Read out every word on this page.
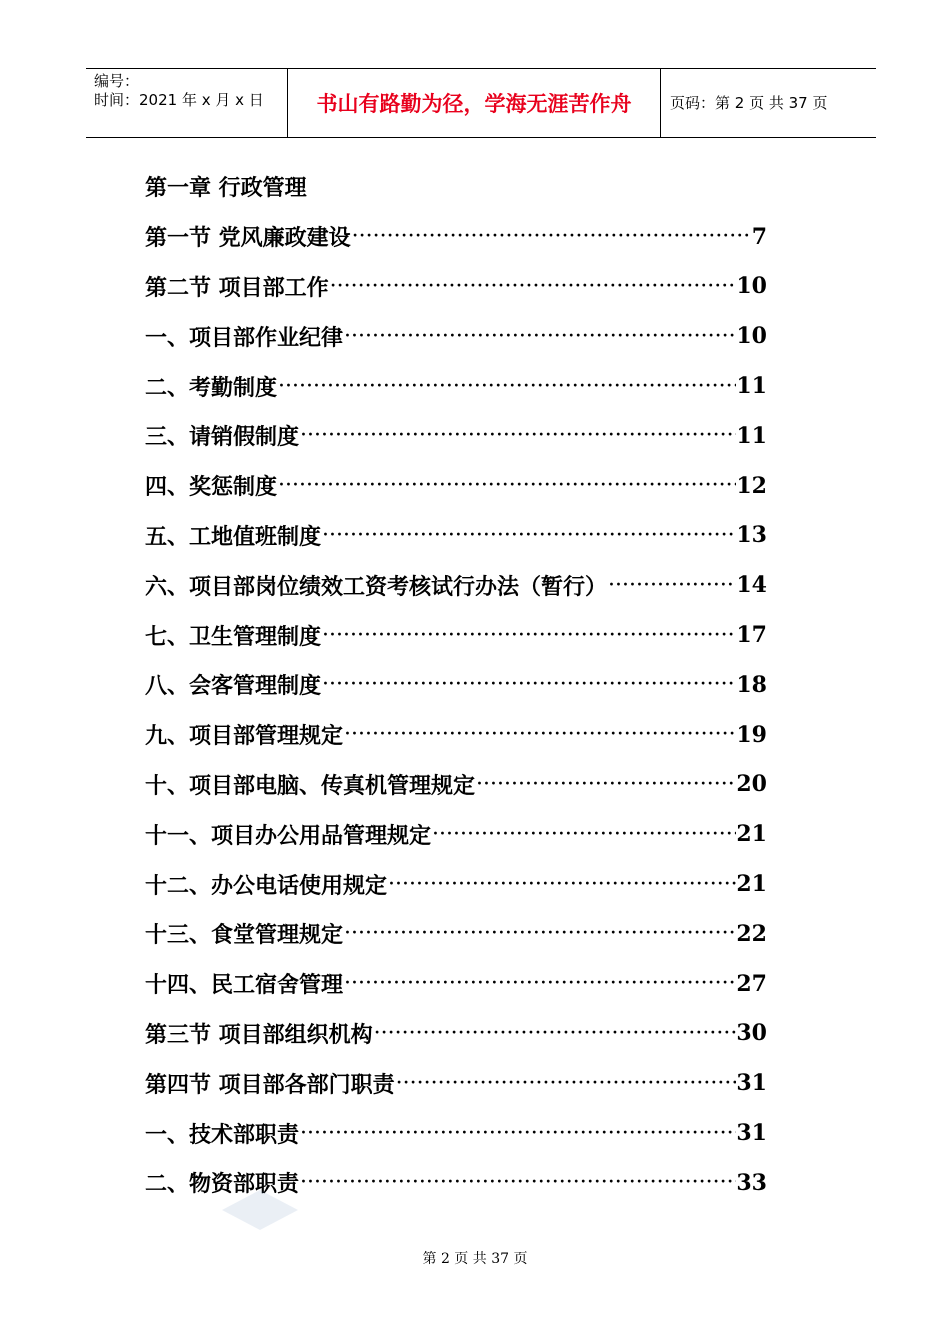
编号：
时间：2021 年 x 月 x 日	书山有路勤为径，学海无涯苦作舟	页码：第 2 页 共 37 页
第一章 行政管理
第一节 党风廉政建设 ·····	7
第二节 项目部工作 ·····	10
一、项目部作业纪律 ·····	10
二、考勤制度 ·····	11
三、请销假制度 ·····	11
四、奖惩制度 ·····	12
五、工地值班制度 ·····	13
六、项目部岗位绩效工资考核试行办法（暂行） ·····	14
七、卫生管理制度 ·····	17
八、会客管理制度 ·····	18
九、项目部管理规定 ·····	19
十、项目部电脑、传真机管理规定 ·····	20
十一、项目办公用品管理规定 ·····	21
十二、办公电话使用规定 ·····	21
十三、食堂管理规定 ·····	22
十四、民工宿舍管理 ·····	27
第三节 项目部组织机构 ·····	30
第四节 项目部各部门职责 ·····	31
一、技术部职责 ·····	31
二、物资部职责 ·····	33
第 2 页 共 37 页
